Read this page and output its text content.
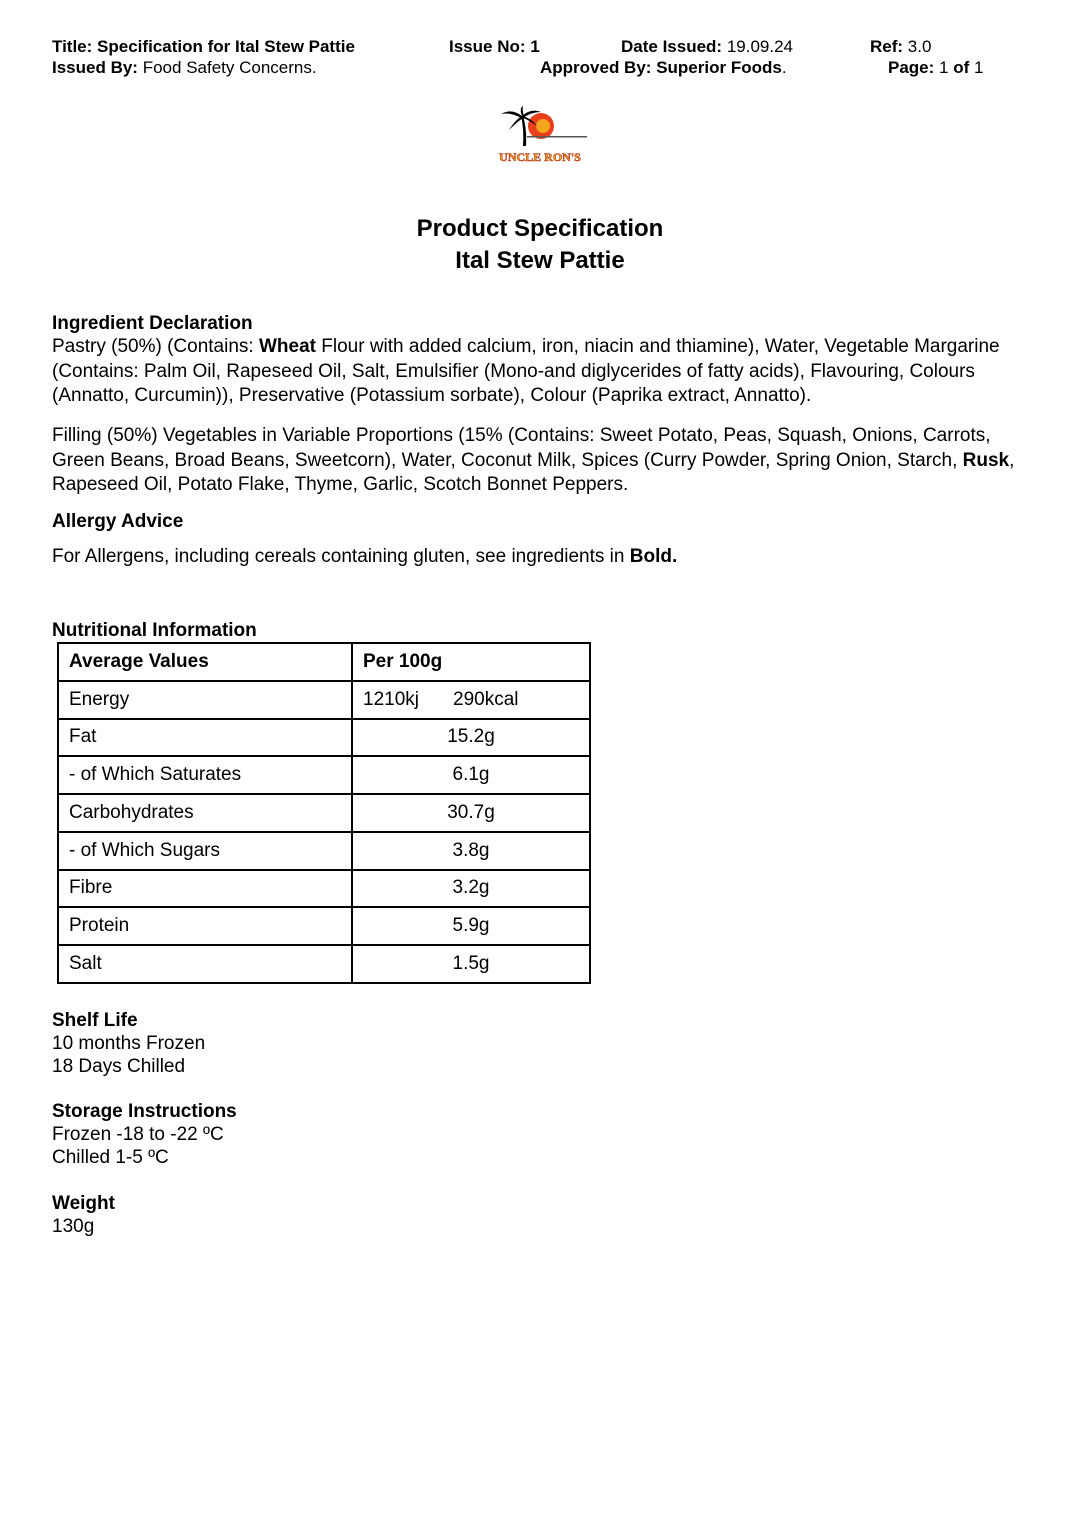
Title: Specification for Ital Stew Pattie	Issue No: 1	Date Issued: 19.09.24	Ref: 3.0
Issued By: Food Safety Concerns.	Approved By: Superior Foods.	Page: 1 of 1
UNCLE RON'S
Product Specification
Ital Stew Pattie
Ingredient Declaration
Pastry (50%) (Contains: Wheat Flour with added calcium, iron, niacin and thiamine), Water, Vegetable Margarine (Contains: Palm Oil, Rapeseed Oil, Salt, Emulsifier (Mono-and diglycerides of fatty acids), Flavouring, Colours (Annatto, Curcumin)), Preservative (Potassium sorbate), Colour (Paprika extract, Annatto).
Filling (50%) Vegetables in Variable Proportions (15% (Contains: Sweet Potato, Peas, Squash, Onions, Carrots, Green Beans, Broad Beans, Sweetcorn), Water, Coconut Milk, Spices (Curry Powder, Spring Onion, Starch, Rusk, Rapeseed Oil, Potato Flake, Thyme, Garlic, Scotch Bonnet Peppers.
Allergy Advice
For Allergens, including cereals containing gluten, see ingredients in Bold.
Nutritional Information
Average Values	Per 100g
Energy	1210kj 290kcal
Fat	15.2g
- of Which Saturates	6.1g
Carbohydrates	30.7g
- of Which Sugars	3.8g
Fibre	3.2g
Protein	5.9g
Salt	1.5g
Shelf Life
10 months Frozen
18 Days Chilled
Storage Instructions
Frozen -18 to -22 ºC
Chilled 1-5 ºC
Weight
130g
